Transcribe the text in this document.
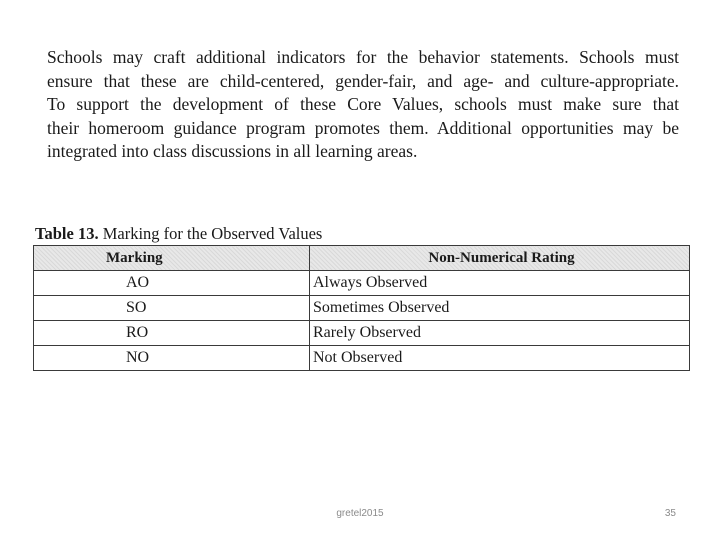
Schools may craft additional indicators for the behavior statements. Schools must
ensure that these are child-centered, gender-fair, and age- and culture-appropriate.
To support the development of these Core Values, schools must make sure that
their homeroom guidance program promotes them. Additional opportunities may be
integrated into class discussions in all learning areas.
Table 13. Marking for the Observed Values
Marking	Non-Numerical Rating
AO	Always Observed
SO	Sometimes Observed
RO	Rarely Observed
NO	Not Observed
gretel2015	35
